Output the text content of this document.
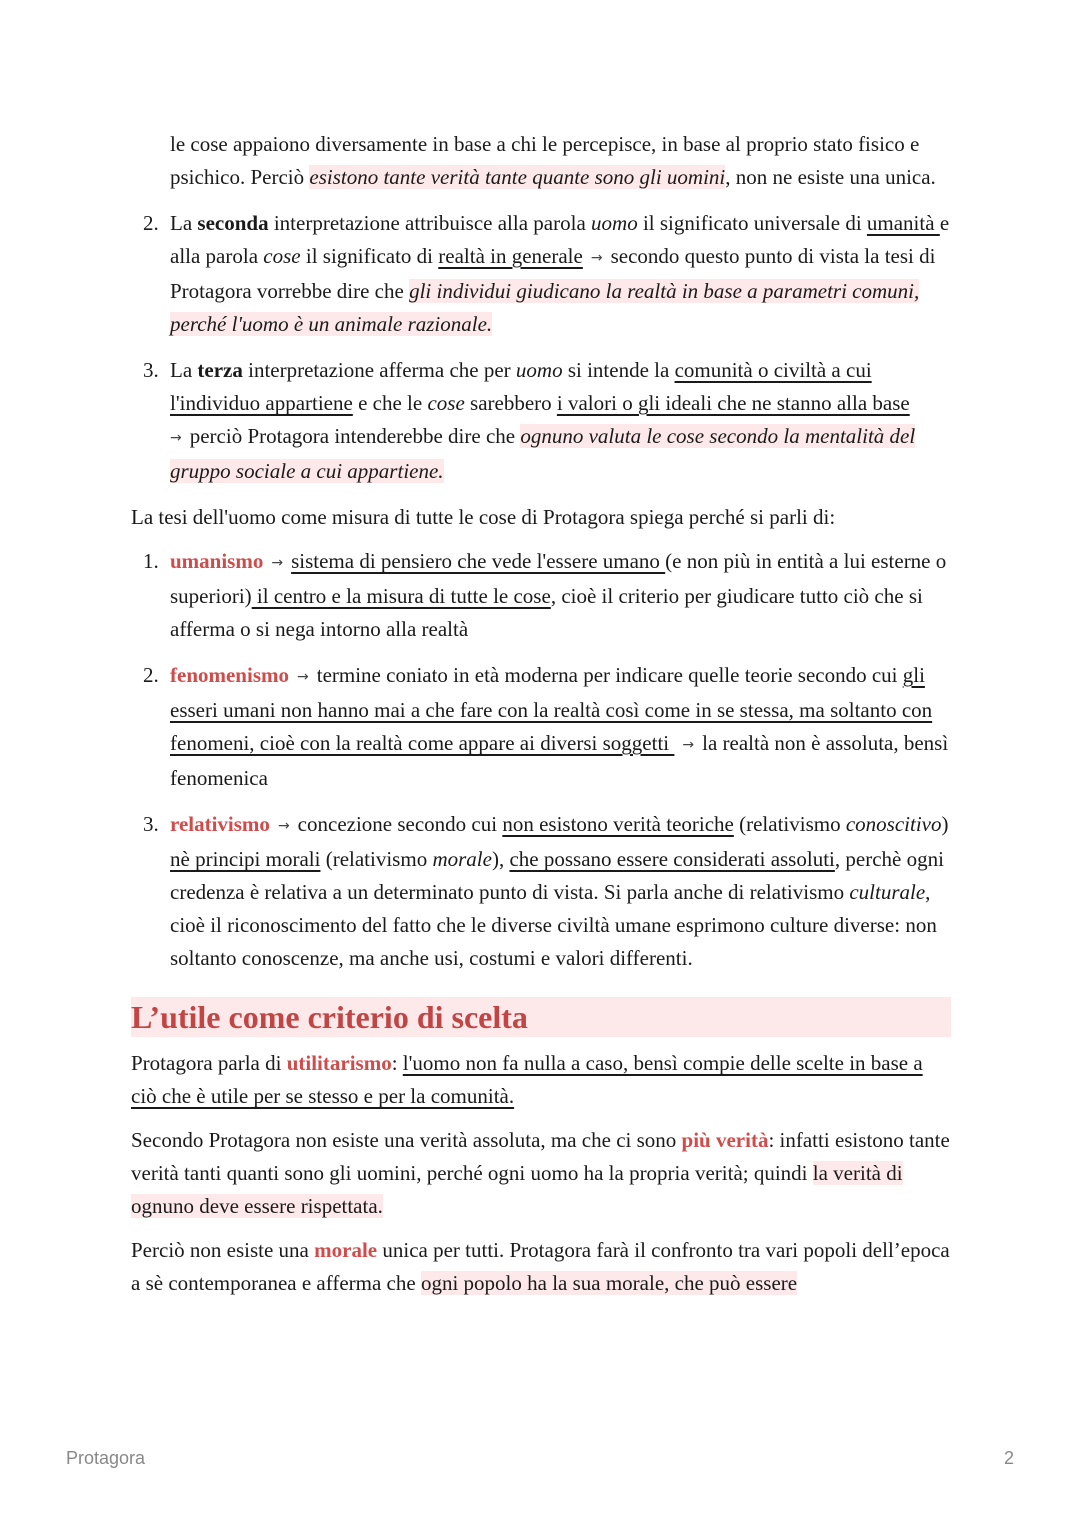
le cose appaiono diversamente in base a chi le percepisce, in base al proprio stato fisico e psichico. Perciò esistono tante verità tante quante sono gli uomini, non ne esiste una unica.
2. La seconda interpretazione attribuisce alla parola uomo il significato universale di umanità e alla parola cose il significato di realtà in generale → secondo questo punto di vista la tesi di Protagora vorrebbe dire che gli individui giudicano la realtà in base a parametri comuni, perché l'uomo è un animale razionale.
3. La terza interpretazione afferma che per uomo si intende la comunità o civiltà a cui l'individuo appartiene e che le cose sarebbero i valori o gli ideali che ne stanno alla base
→ perciò Protagora intenderebbe dire che ognuno valuta le cose secondo la mentalità del gruppo sociale a cui appartiene.

La tesi dell'uomo come misura di tutte le cose di Protagora spiega perché si parli di:

1. umanismo → sistema di pensiero che vede l'essere umano (e non più in entità a lui esterne o superiori) il centro e la misura di tutte le cose, cioè il criterio per giudicare tutto ciò che si afferma o si nega intorno alla realtà
2. fenomenismo → termine coniato in età moderna per indicare quelle teorie secondo cui gli esseri umani non hanno mai a che fare con la realtà così come in se stessa, ma soltanto con fenomeni, cioè con la realtà come appare ai diversi soggetti → la realtà non è assoluta, bensì fenomenica
3. relativismo → concezione secondo cui non esistono verità teoriche (relativismo conoscitivo) nè principi morali (relativismo morale), che possano essere considerati assoluti, perchè ogni credenza è relativa a un determinato punto di vista. Si parla anche di relativismo culturale, cioè il riconoscimento del fatto che le diverse civiltà umane esprimono culture diverse: non soltanto conoscenze, ma anche usi, costumi e valori differenti.
L’utile come criterio di scelta

Protagora parla di utilitarismo: l'uomo non fa nulla a caso, bensì compie delle scelte in base a ciò che è utile per se stesso e per la comunità.

Secondo Protagora non esiste una verità assoluta, ma che ci sono più verità: infatti esistono tante verità tanti quanti sono gli uomini, perché ogni uomo ha la propria verità; quindi la verità di ognuno deve essere rispettata.

Perciò non esiste una morale unica per tutti. Protagora farà il confronto tra vari popoli dell’epoca a sè contemporanea e afferma che ogni popolo ha la sua morale, che può essere

Protagora	2
